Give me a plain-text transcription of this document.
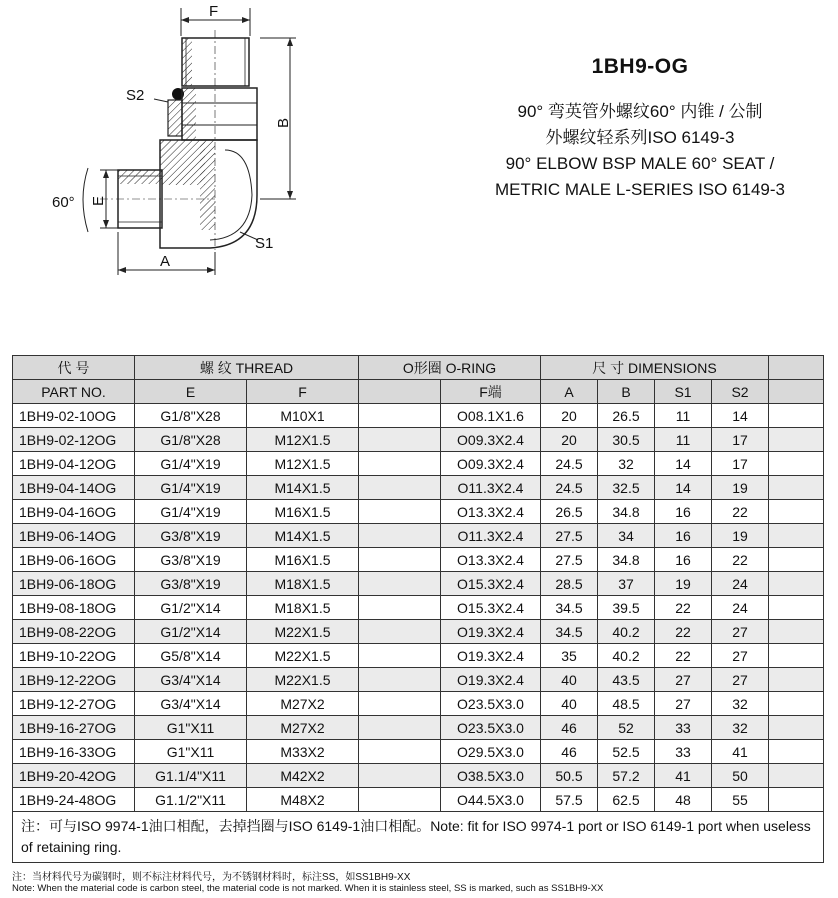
F
S2
B
E
60°
A
S1
1BH9-OG
90° 弯英管外螺纹60° 内锥 / 公制
外螺纹轻系列ISO 6149-3
90° ELBOW BSP MALE 60° SEAT /
METRIC MALE L-SERIES ISO 6149-3
代 号	螺 纹 THREAD		O形圈 O-RING		尺 寸 DIMENSIONS				
PART NO.	E	F		F端	A	B	S1	S2	
1BH9-02-10OG	G1/8"X28	M10X1		O08.1X1.6	20	26.5	11	14	
1BH9-02-12OG	G1/8"X28	M12X1.5		O09.3X2.4	20	30.5	11	17	
1BH9-04-12OG	G1/4"X19	M12X1.5		O09.3X2.4	24.5	32	14	17	
1BH9-04-14OG	G1/4"X19	M14X1.5		O11.3X2.4	24.5	32.5	14	19	
1BH9-04-16OG	G1/4"X19	M16X1.5		O13.3X2.4	26.5	34.8	16	22	
1BH9-06-14OG	G3/8"X19	M14X1.5		O11.3X2.4	27.5	34	16	19	
1BH9-06-16OG	G3/8"X19	M16X1.5		O13.3X2.4	27.5	34.8	16	22	
1BH9-06-18OG	G3/8"X19	M18X1.5		O15.3X2.4	28.5	37	19	24	
1BH9-08-18OG	G1/2"X14	M18X1.5		O15.3X2.4	34.5	39.5	22	24	
1BH9-08-22OG	G1/2"X14	M22X1.5		O19.3X2.4	34.5	40.2	22	27	
1BH9-10-22OG	G5/8"X14	M22X1.5		O19.3X2.4	35	40.2	22	27	
1BH9-12-22OG	G3/4"X14	M22X1.5		O19.3X2.4	40	43.5	27	27	
1BH9-12-27OG	G3/4"X14	M27X2		O23.5X3.0	40	48.5	27	32	
1BH9-16-27OG	G1"X11	M27X2		O23.5X3.0	46	52	33	32	
1BH9-16-33OG	G1"X11	M33X2		O29.5X3.0	46	52.5	33	41	
1BH9-20-42OG	G1.1/4"X11	M42X2		O38.5X3.0	50.5	57.2	41	50	
1BH9-24-48OG	G1.1/2"X11	M48X2		O44.5X3.0	57.5	62.5	48	55	
注：可与ISO 9974-1油口相配，去掉挡圈与ISO 6149-1油口相配。Note: fit for ISO 9974-1 port or ISO 6149-1 port when useless of retaining ring.									
注：当材料代号为碳钢时，则不标注材料代号，为不锈钢材料时，标注SS，如SS1BH9-XX
Note: When the material code is carbon steel, the material code is not marked. When it is stainless steel, SS is marked, such as SS1BH9-XX
